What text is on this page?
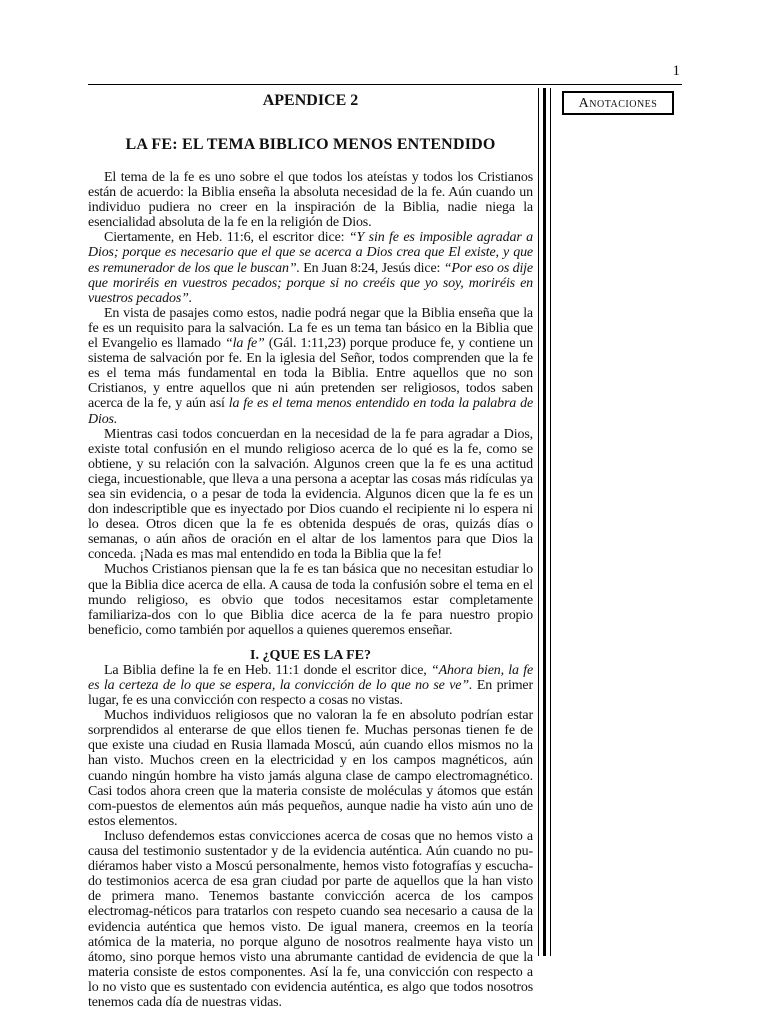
1
Anotaciones
APENDICE 2
LA FE: EL TEMA BIBLICO MENOS ENTENDIDO

El tema de la fe es uno sobre el que todos los ateístas y todos los Cristianos están de acuerdo: la Biblia enseña la absoluta necesidad de la fe. Aún cuando un individuo pudiera no creer en la inspiración de la Biblia, nadie niega la esencialidad absoluta de la fe en la religión de Dios.

Ciertamente, en Heb. 11:6, el escritor dice: “Y sin fe es imposible agradar a Dios; porque es necesario que el que se acerca a Dios crea que El existe, y que es remunerador de los que le buscan”. En Juan 8:24, Jesús dice: “Por eso os dije que moriréis en vuestros pecados; porque si no creéis que yo soy, moriréis en vuestros pecados”.

En vista de pasajes como estos, nadie podrá negar que la Biblia enseña que la fe es un requisito para la salvación. La fe es un tema tan básico en la Biblia que el Evangelio es llamado “la fe” (Gál. 1:11,23) porque produce fe, y contiene un sistema de salvación por fe. En la iglesia del Señor, todos comprenden que la fe es el tema más fundamental en toda la Biblia. Entre aquellos que no son Cristianos, y entre aquellos que ni aún pretenden ser religiosos, todos saben acerca de la fe, y aún así la fe es el tema menos entendido en toda la palabra de Dios.

Mientras casi todos concuerdan en la necesidad de la fe para agradar a Dios, existe total confusión en el mundo religioso acerca de lo qué es la fe, como se obtiene, y su relación con la salvación. Algunos creen que la fe es una actitud ciega, incuestionable, que lleva a una persona a aceptar las cosas más ridículas ya sea sin evidencia, o a pesar de toda la evidencia. Algunos dicen que la fe es un don indescriptible que es inyectado por Dios cuando el recipiente ni lo espera ni lo desea. Otros dicen que la fe es obtenida después de oras, quizás días o semanas, o aún años de oración en el altar de los lamentos para que Dios la conceda. ¡Nada es mas mal entendido en toda la Biblia que la fe!

Muchos Cristianos piensan que la fe es tan básica que no necesitan estudiar lo que la Biblia dice acerca de ella. A causa de toda la confusión sobre el tema en el mundo religioso, es obvio que todos necesitamos estar completamente familiariza-dos con lo que Biblia dice acerca de la fe para nuestro propio beneficio, como también por aquellos a quienes queremos enseñar.

I. ¿QUE ES LA FE?

La Biblia define la fe en Heb. 11:1 donde el escritor dice, “Ahora bien, la fe es la certeza de lo que se espera, la convicción de lo que no se ve”. En primer lugar, fe es una convicción con respecto a cosas no vistas.

Muchos individuos religiosos que no valoran la fe en absoluto podrían estar sorprendidos al enterarse de que ellos tienen fe. Muchas personas tienen fe de que existe una ciudad en Rusia llamada Moscú, aún cuando ellos mismos no la han visto. Muchos creen en la electricidad y en los campos magnéticos, aún cuando ningún hombre ha visto jamás alguna clase de campo electromagnético. Casi todos ahora creen que la materia consiste de moléculas y átomos que están com-puestos de elementos aún más pequeños, aunque nadie ha visto aún uno de estos elementos.

Incluso defendemos estas convicciones acerca de cosas que no hemos visto a causa del testimonio sustentador y de la evidencia auténtica. Aún cuando no pu-diéramos haber visto a Moscú personalmente, hemos visto fotografías y escucha-do testimonios acerca de esa gran ciudad por parte de aquellos que la han visto de primera mano. Tenemos bastante convicción acerca de los campos electromag-néticos para tratarlos con respeto cuando sea necesario a causa de la evidencia auténtica que hemos visto. De igual manera, creemos en la teoría atómica de la materia, no porque alguno de nosotros realmente haya visto un átomo, sino porque hemos visto una abrumante cantidad de evidencia de que la materia consiste de estos componentes. Así la fe, una convicción con respecto a lo no visto que es sustentado con evidencia auténtica, es algo que todos nosotros tenemos cada día de nuestras vidas.
